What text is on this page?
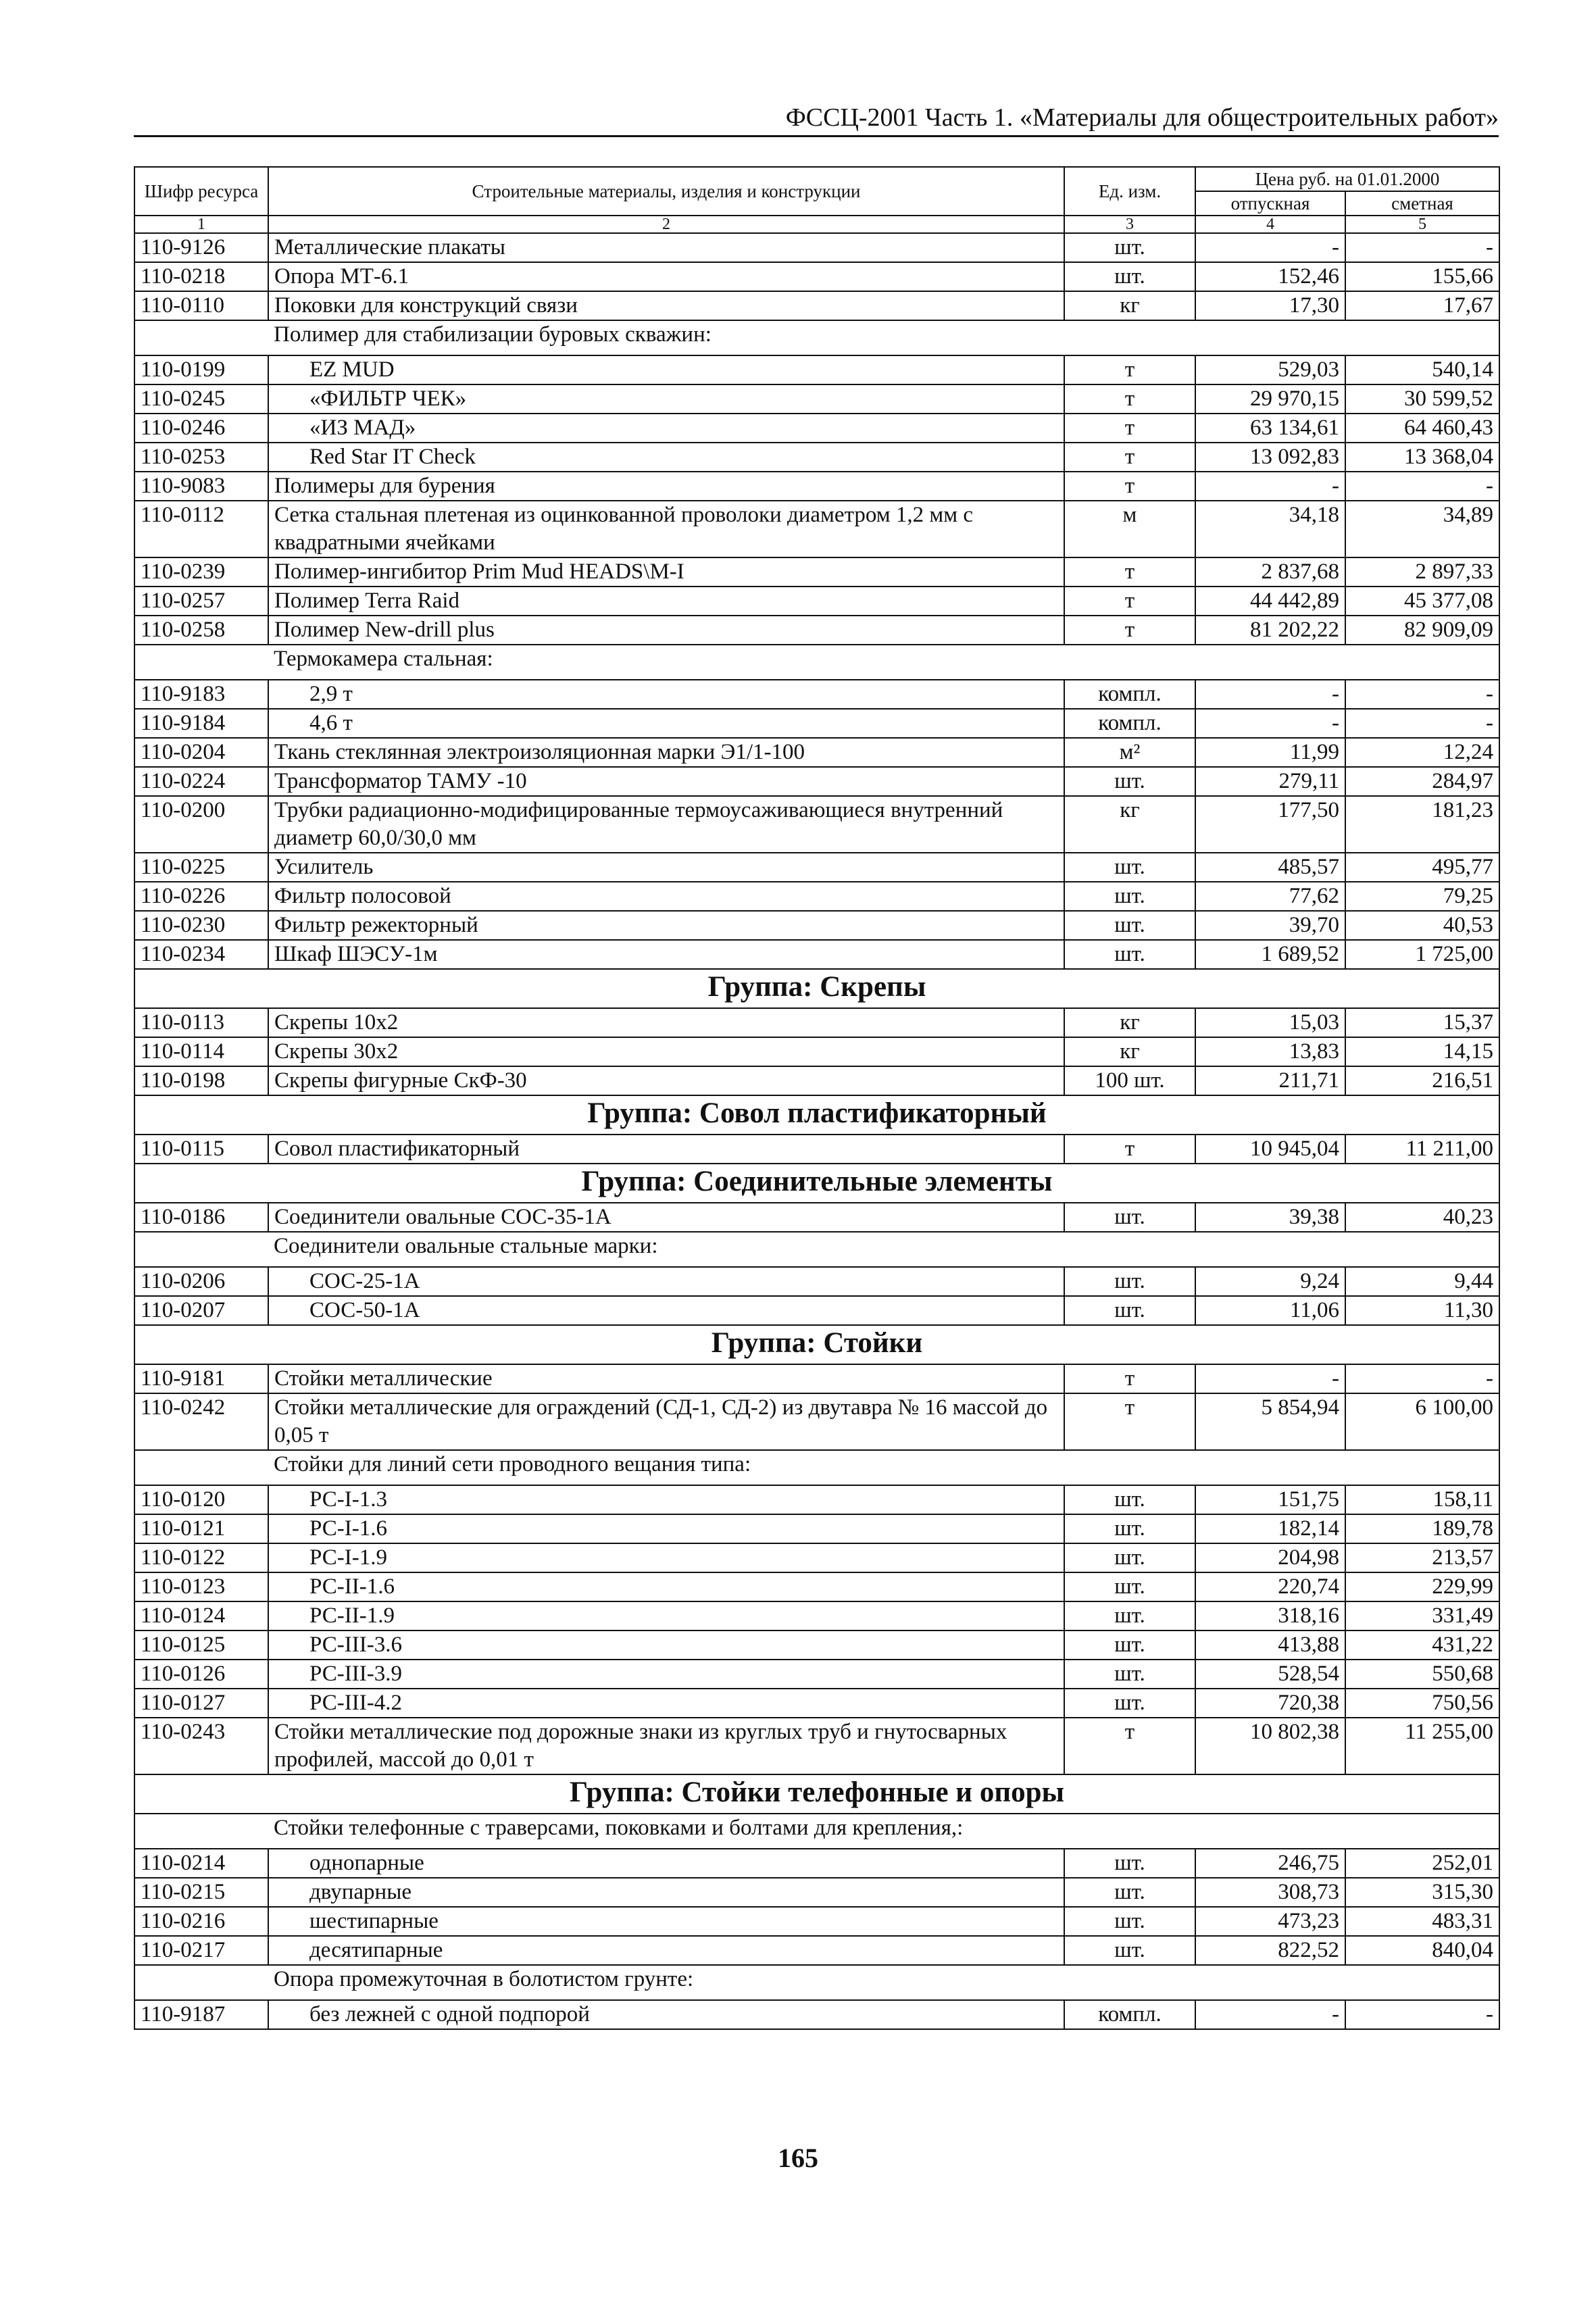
ФССЦ-2001 Часть 1. «Материалы для общестроительных работ»
Шифр ресурса	Строительные материалы, изделия и конструкции	Ед. изм.	Цена руб. на 01.01.2000	
			отпускная	сметная
1	2	3	4	5
110-9126	Металлические плакаты	шт.	-	-
110-0218	Опора МТ-6.1	шт.	152,46	155,66
110-0110	Поковки для конструкций связи	кг	17,30	17,67
Полимер для стабилизации буровых скважин:				
110-0199	EZ MUD	т	529,03	540,14
110-0245	«ФИЛЬТР ЧЕК»	т	29 970,15	30 599,52
110-0246	«ИЗ МАД»	т	63 134,61	64 460,43
110-0253	Red Star IT Check	т	13 092,83	13 368,04
110-9083	Полимеры для бурения	т	-	-
110-0112	Сетка стальная плетеная из оцинкованной проволоки диаметром 1,2 мм с квадратными ячейками	м	34,18	34,89
110-0239	Полимер-ингибитор Prim Mud HEADS\M-I	т	2 837,68	2 897,33
110-0257	Полимер Terra Raid	т	44 442,89	45 377,08
110-0258	Полимер New-drill plus	т	81 202,22	82 909,09
Термокамера стальная:				
110-9183	2,9 т	компл.	-	-
110-9184	4,6 т	компл.	-	-
110-0204	Ткань стеклянная электроизоляционная марки Э1/1-100	м²	11,99	12,24
110-0224	Трансформатор ТАМУ -10	шт.	279,11	284,97
110-0200	Трубки радиационно-модифицированные термоусаживающиеся внутренний диаметр 60,0/30,0 мм	кг	177,50	181,23
110-0225	Усилитель	шт.	485,57	495,77
110-0226	Фильтр полосовой	шт.	77,62	79,25
110-0230	Фильтр режекторный	шт.	39,70	40,53
110-0234	Шкаф ШЭСУ-1м	шт.	1 689,52	1 725,00
Группа: Скрепы				
110-0113	Скрепы 10х2	кг	15,03	15,37
110-0114	Скрепы 30х2	кг	13,83	14,15
110-0198	Скрепы фигурные СкФ-30	100 шт.	211,71	216,51
Группа: Совол пластификаторный				
110-0115	Совол пластификаторный	т	10 945,04	11 211,00
Группа: Соединительные элементы				
110-0186	Соединители овальные СОС-35-1А	шт.	39,38	40,23
Соединители овальные стальные марки:				
110-0206	СОС-25-1А	шт.	9,24	9,44
110-0207	СОС-50-1А	шт.	11,06	11,30
Группа: Стойки				
110-9181	Стойки металлические	т	-	-
110-0242	Стойки металлические для ограждений (СД-1, СД-2) из двутавра № 16 массой до 0,05 т	т	5 854,94	6 100,00
Стойки для линий сети проводного вещания типа:				
110-0120	РС-I-1.3	шт.	151,75	158,11
110-0121	РС-I-1.6	шт.	182,14	189,78
110-0122	РС-I-1.9	шт.	204,98	213,57
110-0123	РС-II-1.6	шт.	220,74	229,99
110-0124	РС-II-1.9	шт.	318,16	331,49
110-0125	РС-III-3.6	шт.	413,88	431,22
110-0126	РС-III-3.9	шт.	528,54	550,68
110-0127	РС-III-4.2	шт.	720,38	750,56
110-0243	Стойки металлические под дорожные знаки из круглых труб и гнутосварных профилей, массой до 0,01 т	т	10 802,38	11 255,00
Группа: Стойки телефонные и опоры				
Стойки телефонные с траверсами, поковками и болтами для крепления,:				
110-0214	однопарные	шт.	246,75	252,01
110-0215	двупарные	шт.	308,73	315,30
110-0216	шестипарные	шт.	473,23	483,31
110-0217	десятипарные	шт.	822,52	840,04
Опора промежуточная в болотистом грунте:				
110-9187	без лежней с одной подпорой	компл.	-	-
165
